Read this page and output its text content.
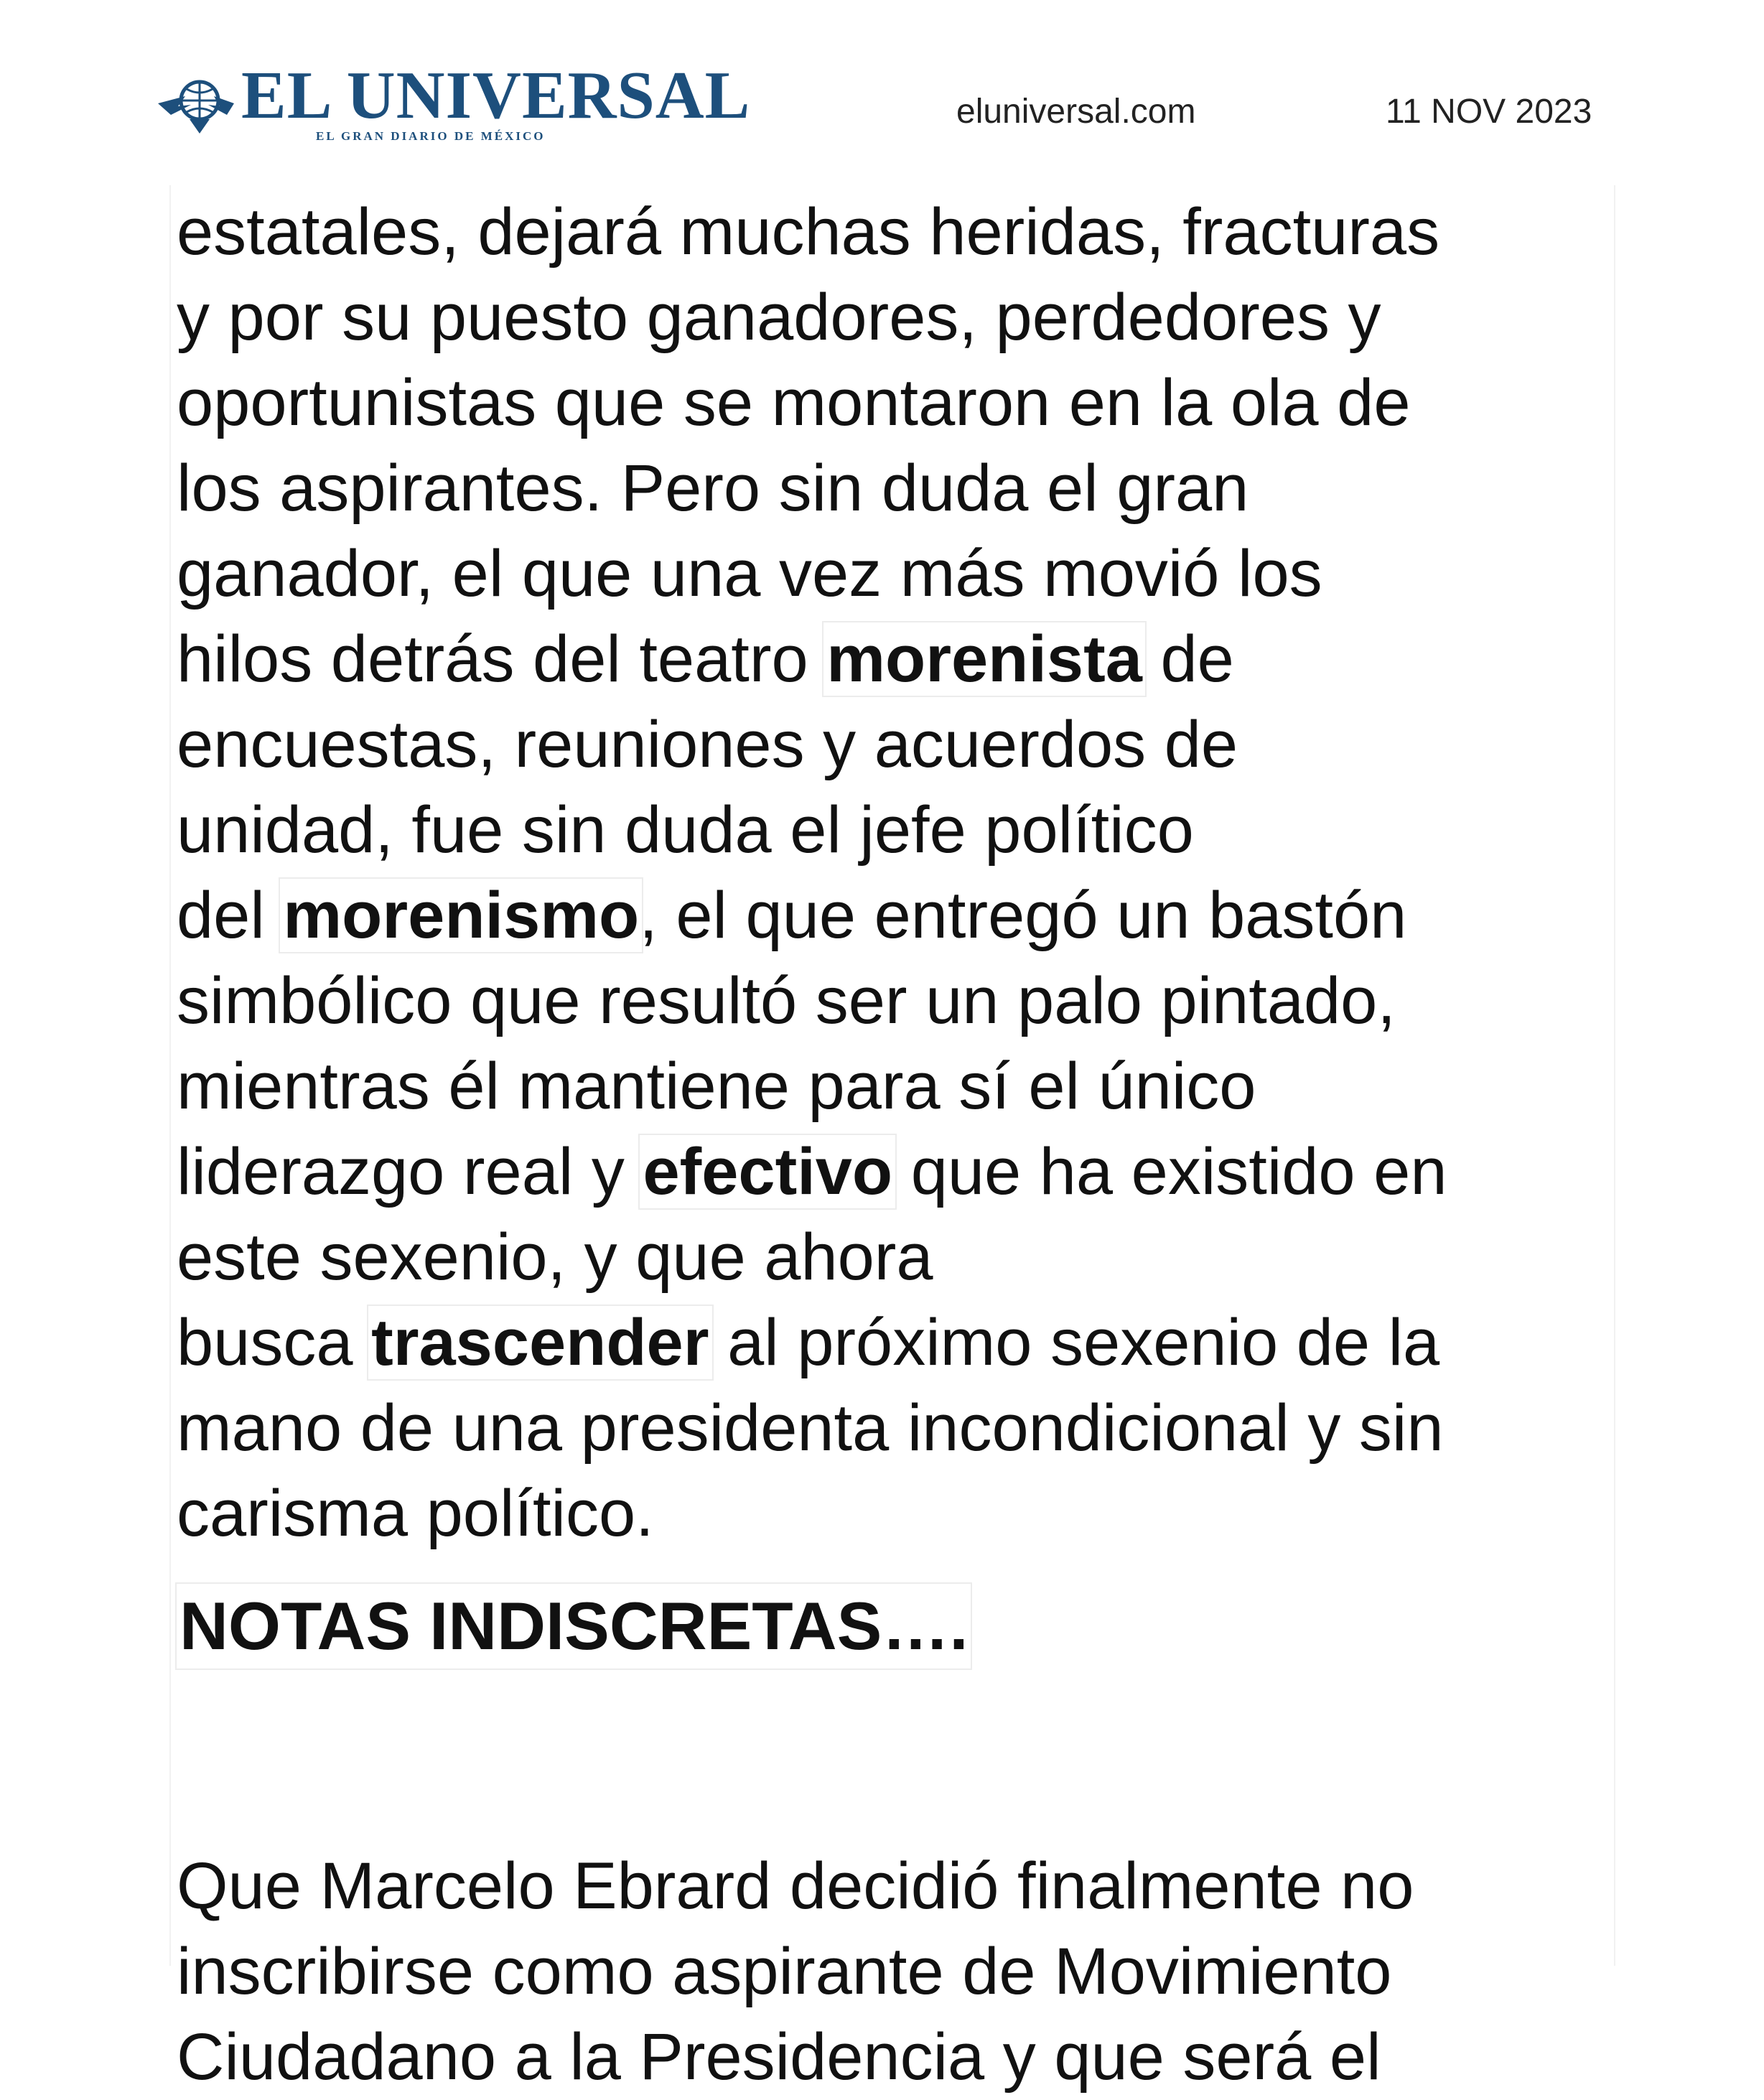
EL UNIVERSAL
EL GRAN DIARIO DE MÉXICO
eluniversal.com	11 NOV 2023

estatales, dejará muchas heridas, fracturas
y por su puesto ganadores, perdedores y
oportunistas que se montaron en la ola de
los aspirantes. Pero sin duda el gran
ganador, el que una vez más movió los
hilos detrás del teatro morenista de
encuestas, reuniones y acuerdos de
unidad, fue sin duda el jefe político
del morenismo, el que entregó un bastón
simbólico que resultó ser un palo pintado,
mientras él mantiene para sí el único
liderazgo real y efectivo que ha existido en
este sexenio, y que ahora
busca trascender al próximo sexenio de la
mano de una presidenta incondicional y sin
carisma político.

NOTAS INDISCRETAS….

Que Marcelo Ebrard decidió finalmente no
inscribirse como aspirante de Movimiento
Ciudadano a la Presidencia y que será el
